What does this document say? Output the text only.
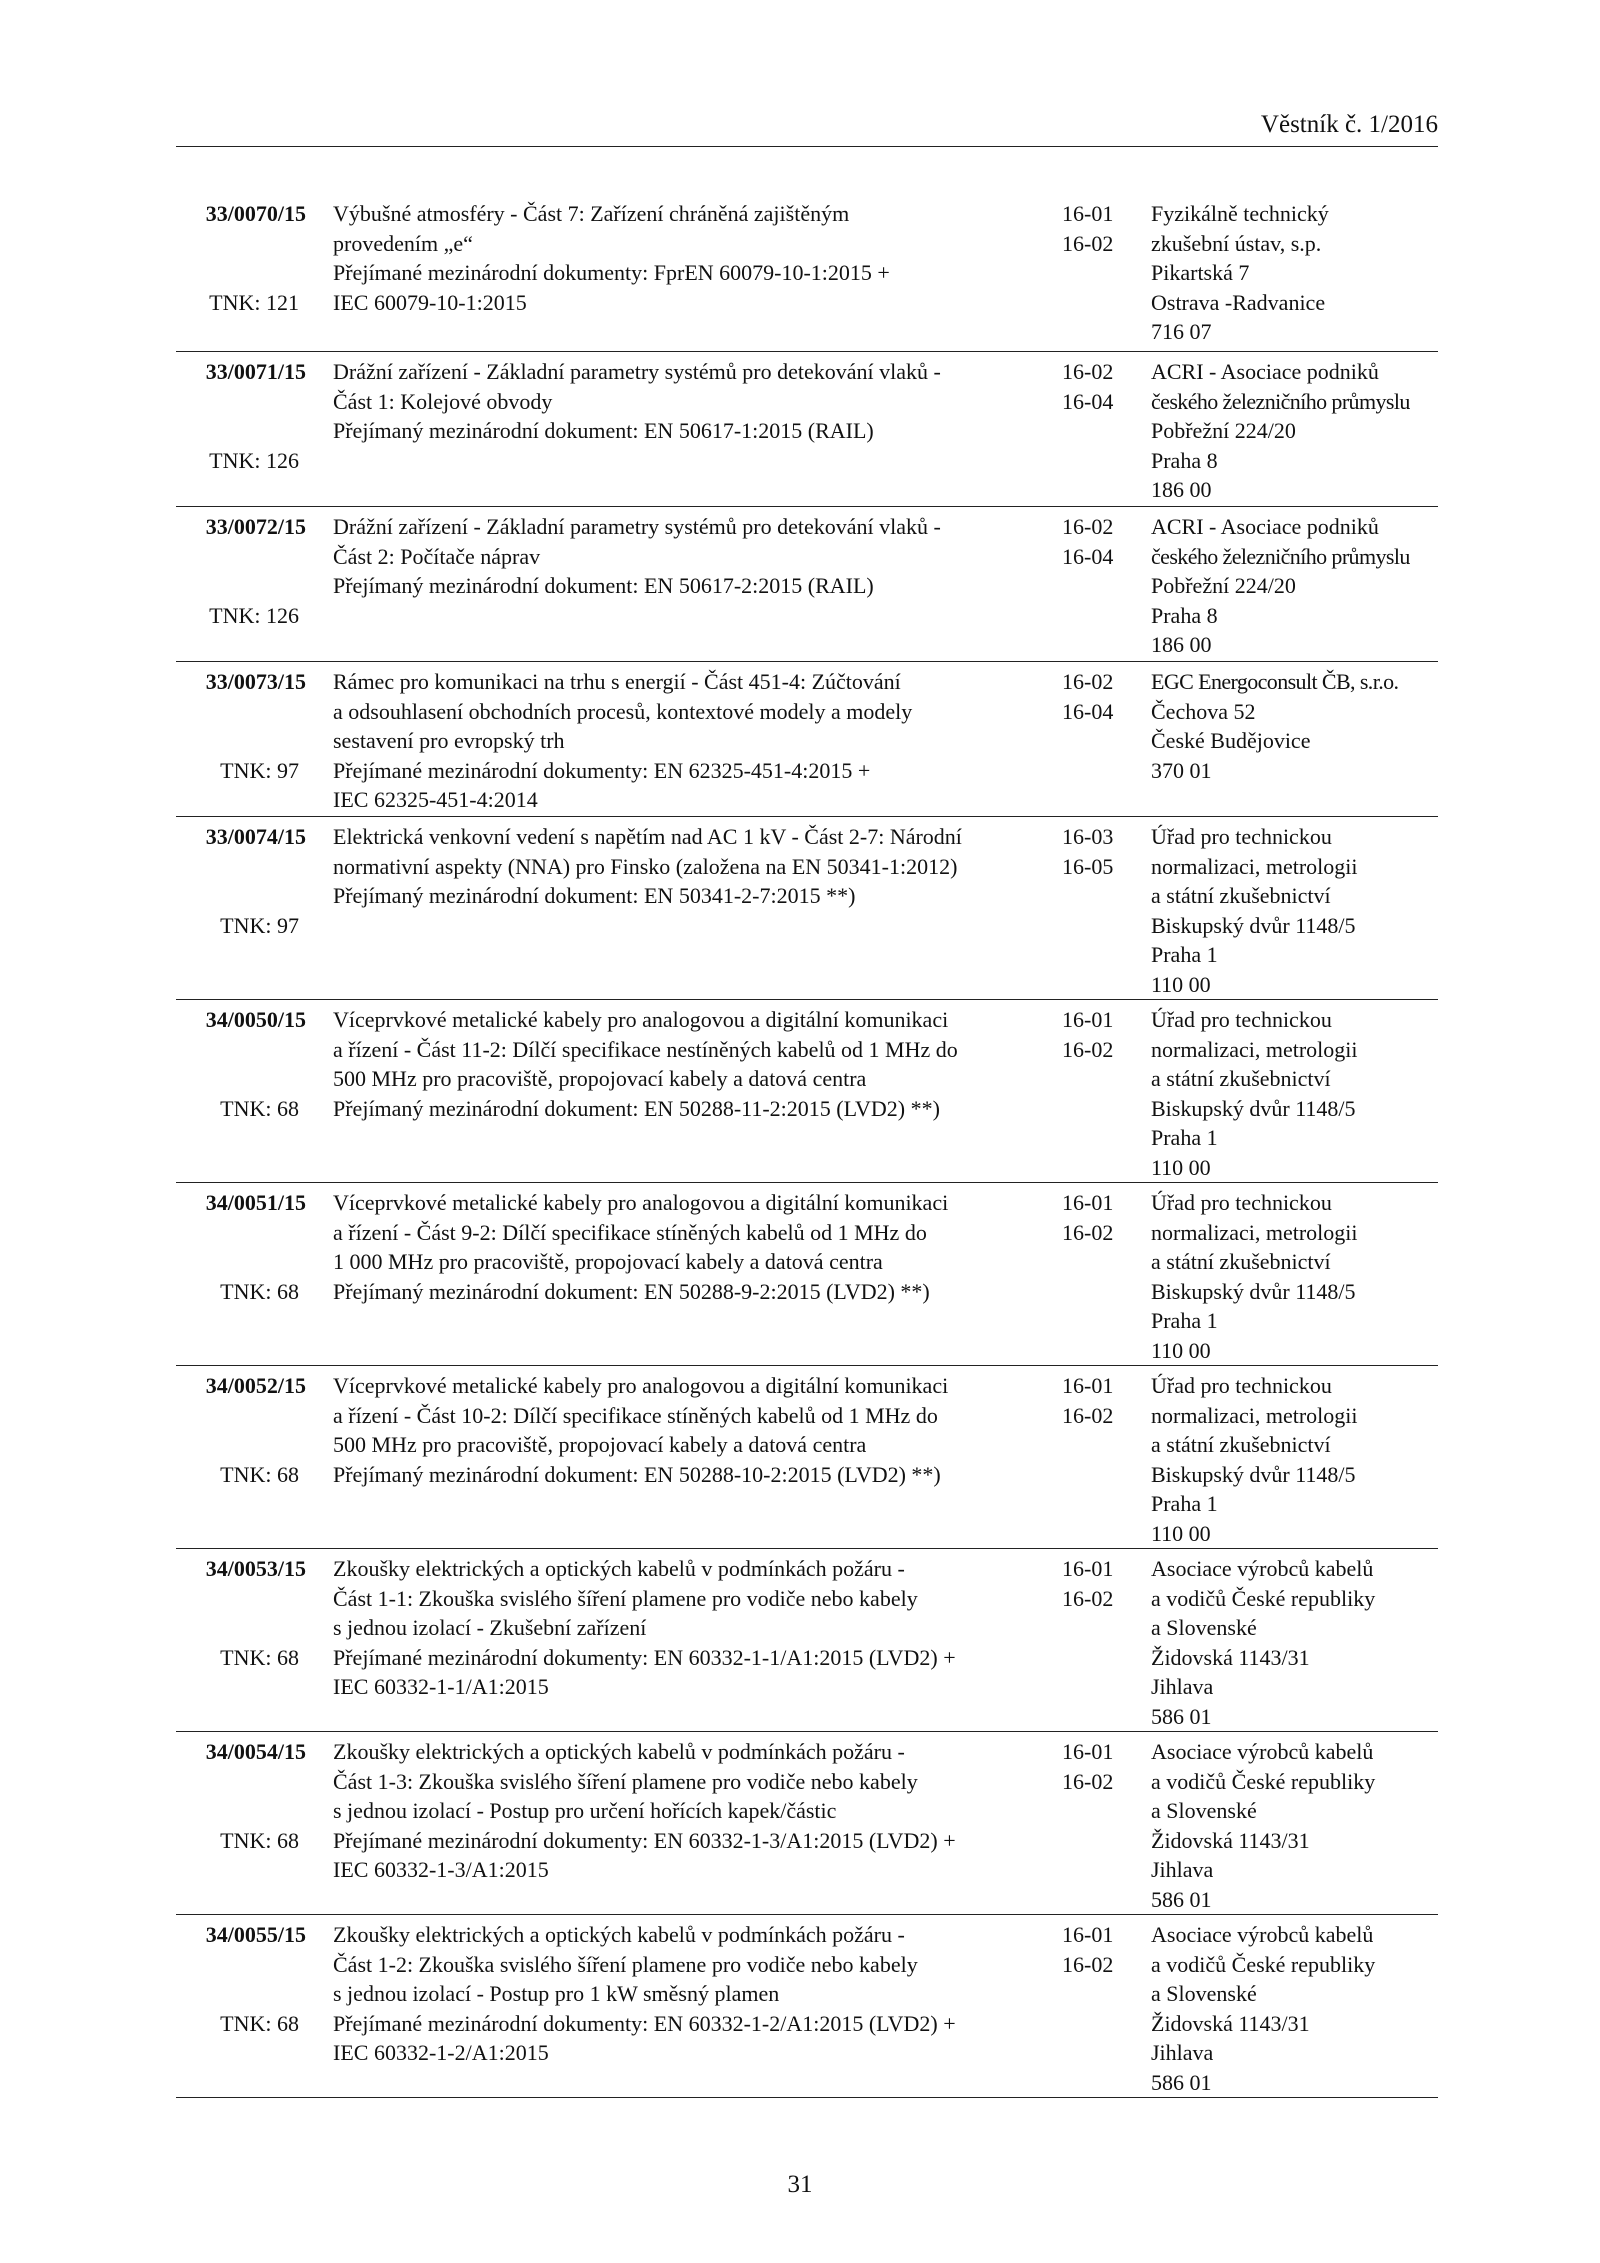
Věstník č. 1/2016
33/0070/15
TNK: 121
Výbušné atmosféry - Část 7: Zařízení chráněná zajištěným
provedením „e“
Přejímané mezinárodní dokumenty: FprEN 60079-10-1:2015 +
IEC 60079-10-1:2015
16-01
16-02
Fyzikálně technický
zkušební ústav, s.p.
Pikartská 7
Ostrava -Radvanice
716 07
33/0071/15
TNK: 126
Drážní zařízení - Základní parametry systémů pro detekování vlaků -
Část 1: Kolejové obvody
Přejímaný mezinárodní dokument: EN 50617-1:2015 (RAIL)
16-02
16-04
ACRI - Asociace podniků
českého železničního průmyslu
Pobřežní 224/20
Praha 8
186 00
33/0072/15
TNK: 126
Drážní zařízení - Základní parametry systémů pro detekování vlaků -
Část 2: Počítače náprav
Přejímaný mezinárodní dokument: EN 50617-2:2015 (RAIL)
16-02
16-04
ACRI - Asociace podniků
českého železničního průmyslu
Pobřežní 224/20
Praha 8
186 00
33/0073/15
TNK: 97
Rámec pro komunikaci na trhu s energií - Část 451-4: Zúčtování
a odsouhlasení obchodních procesů, kontextové modely a modely
sestavení pro evropský trh
Přejímané mezinárodní dokumenty: EN 62325-451-4:2015 +
IEC 62325-451-4:2014
16-02
16-04
EGC Energoconsult ČB, s.r.o.
Čechova 52
České Budějovice
370 01
33/0074/15
TNK: 97
Elektrická venkovní vedení s napětím nad AC 1 kV - Část 2-7: Národní
normativní aspekty (NNA) pro Finsko (založena na EN 50341-1:2012)
Přejímaný mezinárodní dokument: EN 50341-2-7:2015 **)
16-03
16-05
Úřad pro technickou
normalizaci, metrologii
a státní zkušebnictví
Biskupský dvůr 1148/5
Praha 1
110 00
34/0050/15
TNK: 68
Víceprvkové metalické kabely pro analogovou a digitální komunikaci
a řízení - Část 11-2: Dílčí specifikace nestíněných kabelů od 1 MHz do
500 MHz pro pracoviště, propojovací kabely a datová centra
Přejímaný mezinárodní dokument: EN 50288-11-2:2015 (LVD2) **)
16-01
16-02
Úřad pro technickou
normalizaci, metrologii
a státní zkušebnictví
Biskupský dvůr 1148/5
Praha 1
110 00
34/0051/15
TNK: 68
Víceprvkové metalické kabely pro analogovou a digitální komunikaci
a řízení - Část 9-2: Dílčí specifikace stíněných kabelů od 1 MHz do
1 000 MHz pro pracoviště, propojovací kabely a datová centra
Přejímaný mezinárodní dokument: EN 50288-9-2:2015 (LVD2) **)
16-01
16-02
Úřad pro technickou
normalizaci, metrologii
a státní zkušebnictví
Biskupský dvůr 1148/5
Praha 1
110 00
34/0052/15
TNK: 68
Víceprvkové metalické kabely pro analogovou a digitální komunikaci
a řízení - Část 10-2: Dílčí specifikace stíněných kabelů od 1 MHz do
500 MHz pro pracoviště, propojovací kabely a datová centra
Přejímaný mezinárodní dokument: EN 50288-10-2:2015 (LVD2) **)
16-01
16-02
Úřad pro technickou
normalizaci, metrologii
a státní zkušebnictví
Biskupský dvůr 1148/5
Praha 1
110 00
34/0053/15
TNK: 68
Zkoušky elektrických a optických kabelů v podmínkách požáru -
Část 1-1: Zkouška svislého šíření plamene pro vodiče nebo kabely
s jednou izolací - Zkušební zařízení
Přejímané mezinárodní dokumenty: EN 60332-1-1/A1:2015 (LVD2) +
IEC 60332-1-1/A1:2015
16-01
16-02
Asociace výrobců kabelů
a vodičů České republiky
a Slovenské
Židovská 1143/31
Jihlava
586 01
34/0054/15
TNK: 68
Zkoušky elektrických a optických kabelů v podmínkách požáru -
Část 1-3: Zkouška svislého šíření plamene pro vodiče nebo kabely
s jednou izolací - Postup pro určení hořících kapek/částic
Přejímané mezinárodní dokumenty: EN 60332-1-3/A1:2015 (LVD2) +
IEC 60332-1-3/A1:2015
16-01
16-02
Asociace výrobců kabelů
a vodičů České republiky
a Slovenské
Židovská 1143/31
Jihlava
586 01
34/0055/15
TNK: 68
Zkoušky elektrických a optických kabelů v podmínkách požáru -
Část 1-2: Zkouška svislého šíření plamene pro vodiče nebo kabely
s jednou izolací - Postup pro 1 kW směsný plamen
Přejímané mezinárodní dokumenty: EN 60332-1-2/A1:2015 (LVD2) +
IEC 60332-1-2/A1:2015
16-01
16-02
Asociace výrobců kabelů
a vodičů České republiky
a Slovenské
Židovská 1143/31
Jihlava
586 01
31
